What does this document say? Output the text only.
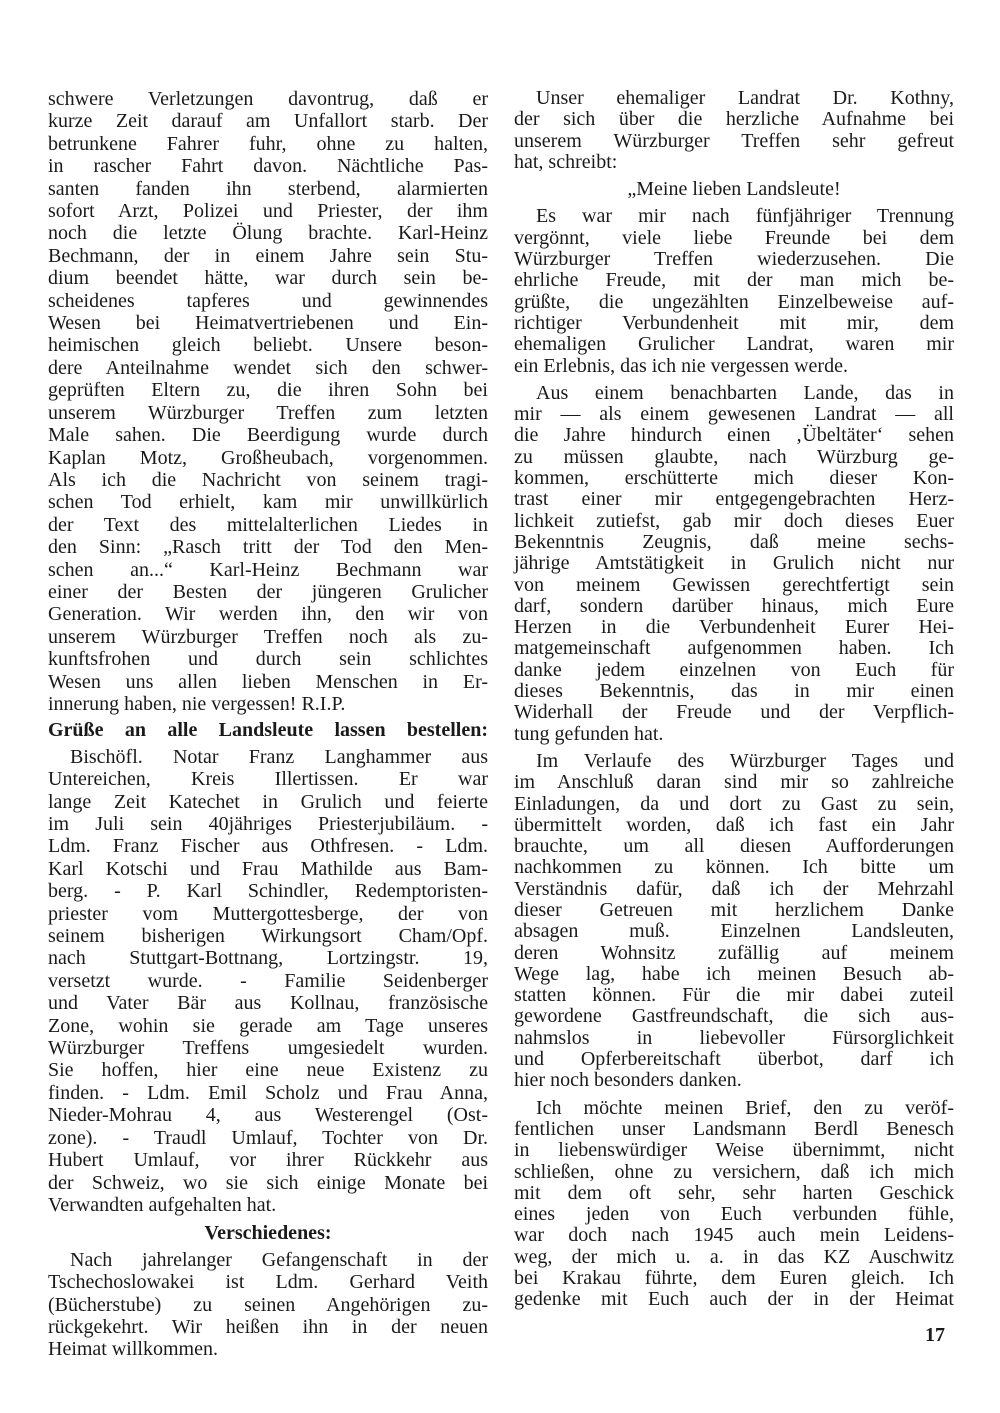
schwere Verletzungen davontrug, daß er
kurze Zeit darauf am Unfallort starb. Der
betrunkene Fahrer fuhr, ohne zu halten,
in rascher Fahrt davon. Nächtliche Pas-
santen fanden ihn sterbend, alarmierten
sofort Arzt, Polizei und Priester, der ihm
noch die letzte Ölung brachte. Karl-Heinz
Bechmann, der in einem Jahre sein Stu-
dium beendet hätte, war durch sein be-
scheidenes tapferes und gewinnendes
Wesen bei Heimatvertriebenen und Ein-
heimischen gleich beliebt. Unsere beson-
dere Anteilnahme wendet sich den schwer-
geprüften Eltern zu, die ihren Sohn bei
unserem Würzburger Treffen zum letzten
Male sahen. Die Beerdigung wurde durch
Kaplan Motz, Großheubach, vorgenommen.
Als ich die Nachricht von seinem tragi-
schen Tod erhielt, kam mir unwillkürlich
der Text des mittelalterlichen Liedes in
den Sinn: „Rasch tritt der Tod den Men-
schen an...“ Karl-Heinz Bechmann war
einer der Besten der jüngeren Grulicher
Generation. Wir werden ihn, den wir von
unserem Würzburger Treffen noch als zu-
kunftsfrohen und durch sein schlichtes
Wesen uns allen lieben Menschen in Er-
innerung haben, nie vergessen! R.I.P.
Grüße an alle Landsleute lassen bestellen:
Bischöfl. Notar Franz Langhammer aus
Untereichen, Kreis Illertissen. Er war
lange Zeit Katechet in Grulich und feierte
im Juli sein 40jähriges Priesterjubiläum. -
Ldm. Franz Fischer aus Othfresen. - Ldm.
Karl Kotschi und Frau Mathilde aus Bam-
berg. - P. Karl Schindler, Redemptoristen-
priester vom Muttergottesberge, der von
seinem bisherigen Wirkungsort Cham/Opf.
nach Stuttgart-Bottnang, Lortzingstr. 19,
versetzt wurde. - Familie Seidenberger
und Vater Bär aus Kollnau, französische
Zone, wohin sie gerade am Tage unseres
Würzburger Treffens umgesiedelt wurden.
Sie hoffen, hier eine neue Existenz zu
finden. - Ldm. Emil Scholz und Frau Anna,
Nieder-Mohrau 4, aus Westerengel (Ost-
zone). - Traudl Umlauf, Tochter von Dr.
Hubert Umlauf, vor ihrer Rückkehr aus
der Schweiz, wo sie sich einige Monate bei
Verwandten aufgehalten hat.
Verschiedenes:
Nach jahrelanger Gefangenschaft in der
Tschechoslowakei ist Ldm. Gerhard Veith
(Bücherstube) zu seinen Angehörigen zu-
rückgekehrt. Wir heißen ihn in der neuen
Heimat willkommen.
Unser ehemaliger Landrat Dr. Kothny,
der sich über die herzliche Aufnahme bei
unserem Würzburger Treffen sehr gefreut
hat, schreibt:
„Meine lieben Landsleute!
Es war mir nach fünfjähriger Trennung
vergönnt, viele liebe Freunde bei dem
Würzburger Treffen wiederzusehen. Die
ehrliche Freude, mit der man mich be-
grüßte, die ungezählten Einzelbeweise auf-
richtiger Verbundenheit mit mir, dem
ehemaligen Grulicher Landrat, waren mir
ein Erlebnis, das ich nie vergessen werde.
Aus einem benachbarten Lande, das in
mir — als einem gewesenen Landrat — all
die Jahre hindurch einen ‚Übeltäter‘ sehen
zu müssen glaubte, nach Würzburg ge-
kommen, erschütterte mich dieser Kon-
trast einer mir entgegengebrachten Herz-
lichkeit zutiefst, gab mir doch dieses Euer
Bekenntnis Zeugnis, daß meine sechs-
jährige Amtstätigkeit in Grulich nicht nur
von meinem Gewissen gerechtfertigt sein
darf, sondern darüber hinaus, mich Eure
Herzen in die Verbundenheit Eurer Hei-
matgemeinschaft aufgenommen haben. Ich
danke jedem einzelnen von Euch für
dieses Bekenntnis, das in mir einen
Widerhall der Freude und der Verpflich-
tung gefunden hat.
Im Verlaufe des Würzburger Tages und
im Anschluß daran sind mir so zahlreiche
Einladungen, da und dort zu Gast zu sein,
übermittelt worden, daß ich fast ein Jahr
brauchte, um all diesen Aufforderungen
nachkommen zu können. Ich bitte um
Verständnis dafür, daß ich der Mehrzahl
dieser Getreuen mit herzlichem Danke
absagen muß. Einzelnen Landsleuten,
deren Wohnsitz zufällig auf meinem
Wege lag, habe ich meinen Besuch ab-
statten können. Für die mir dabei zuteil
gewordene Gastfreundschaft, die sich aus-
nahmslos in liebevoller Fürsorglichkeit
und Opferbereitschaft überbot, darf ich
hier noch besonders danken.
Ich möchte meinen Brief, den zu veröf-
fentlichen unser Landsmann Berdl Benesch
in liebenswürdiger Weise übernimmt, nicht
schließen, ohne zu versichern, daß ich mich
mit dem oft sehr, sehr harten Geschick
eines jeden von Euch verbunden fühle,
war doch nach 1945 auch mein Leidens-
weg, der mich u. a. in das KZ Auschwitz
bei Krakau führte, dem Euren gleich. Ich
gedenke mit Euch auch der in der Heimat
17
